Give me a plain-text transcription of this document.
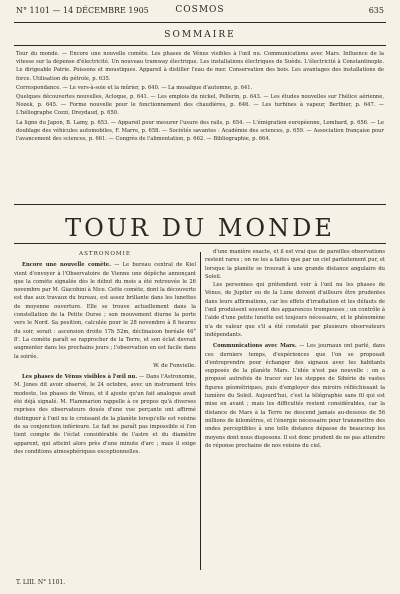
N° 1101 — 14 DÉCEMBRE 1905	COSMOS	635
SOMMAIRE

Tour du monde. — Encore une nouvelle comète. Les phases de Vénus visibles à l'œil nu. Communications avec Mars. Influence de la vitesse sur la dépense d'électricité. Un nouveau tramway électrique. Les installations électriques de Suède. L'électricité à Constantinople. Le dirigeable Patrie. Poissons et moustiques. Appareil à distiller l'eau de mer. Conservation des bois. Les avantages des installations de force. Utilisation du pétrole, p. 635.

Correspondance. — Le vers-à-soie et la mûrier, p. 640. — La mosaïque d'automne, p. 641.

Quelques découvertes nouvelles, Acloque, p. 641. — Les emplois du nickel, Pellerin, p. 643. — Les études nouvelles sur l'hélice aérienne, Nozek, p. 645. — Forme nouvelle pour le fonctionnement des chaudières, p. 646. — Les turbines à vapeur, Berthier, p. 647. — L'héliographe Cozzi, Dreydaud, p. 650.

La ligne du Japon, B. Lamy, p. 653. — Appareil pour mesurer l'usure des rails, p. 654. — L'émigration européenne, Lombard, p. 656. — Le doublage des véhicules automobiles, F. Marre, p. 658. — Sociétés savantes : Académie des sciences, p. 659. — Association française pour l'avancement des sciences, p. 661. — Congrès de l'alimentation, p. 662. — Bibliographie, p. 664.

TOUR DU MONDE
ASTRONOMIE

Encore une nouvelle comète. — Le bureau central de Kiel vient d'envoyer à l'Observatoire de Vienne une dépêche annonçant que la comète signalée dès le début du mois a été retrouvée le 26 novembre par M. Giacobini à Nice. Cette comète, dont la découverte est due aux travaux du bureau, est assez brillante dans les lunettes de moyenne ouverture. Elle se trouve actuellement dans la constellation de la Petite Ourse ; son mouvement diurne la porte vers le Nord. Sa position, calculée pour le 28 novembre à 8 heures du soir, serait : ascension droite 17h 52m, déclinaison boréale 46° 8'. La comète paraît se rapprocher de la Terre, et son éclat devrait augmenter dans les prochains jours ; l'observation en est facile dans la soirée.

W. de Fonvielle.

Les phases de Vénus visibles à l'œil nu. — Dans l'Astronomie, M. Jones dit avoir observé, le 24 octobre, avec un instrument très modeste, les phases de Vénus, et il ajoute qu'un fait analogue avait été déjà signalé. M. Flammarion rappelle à ce propos qu'à diverses reprises des observateurs doués d'une vue perçante ont affirmé distinguer à l'œil nu le croissant de la planète lorsqu'elle est voisine de sa conjonction inférieure. Le fait ne paraît pas impossible si l'on tient compte de l'éclat considérable de l'astre et du diamètre apparent, qui atteint alors près d'une minute d'arc ; mais il exige des conditions atmosphériques exceptionnelles.

d'une manière exacte, et il est vrai que de pareilles observations restent rares ; on ne les a faites que par un ciel parfaitement pur, et lorsque la planète se trouvait à une grande distance angulaire du Soleil.

Les personnes qui prétendent voir à l'œil nu les phases de Vénus, de Jupiter ou de la Lune doivent d'ailleurs être prudentes dans leurs affirmations, car les effets d'irradiation et les défauts de l'œil produisent souvent des apparences trompeuses ; un contrôle à l'aide d'une petite lunette est toujours nécessaire, et le phénomène n'a de valeur que s'il a été constaté par plusieurs observateurs indépendants.

Communications avec Mars. — Les journaux ont parlé, dans ces derniers temps, d'expériences que l'on se proposait d'entreprendre pour échanger des signaux avec les habitants supposés de la planète Mars. L'idée n'est pas nouvelle : on a proposé autrefois de tracer sur les steppes de Sibérie de vastes figures géométriques, puis d'employer des miroirs réfléchissant la lumière du Soleil. Aujourd'hui, c'est la télégraphie sans fil qui est mise en avant ; mais les difficultés restent considérables, car la distance de Mars à la Terre ne descend jamais au-dessous de 56 millions de kilomètres, et l'énergie nécessaire pour transmettre des ondes perceptibles à une telle distance dépasse de beaucoup les moyens dont nous disposons. Il est donc prudent de ne pas attendre de réponse prochaine de nos voisins du ciel.

T. LIII. N° 1101.
